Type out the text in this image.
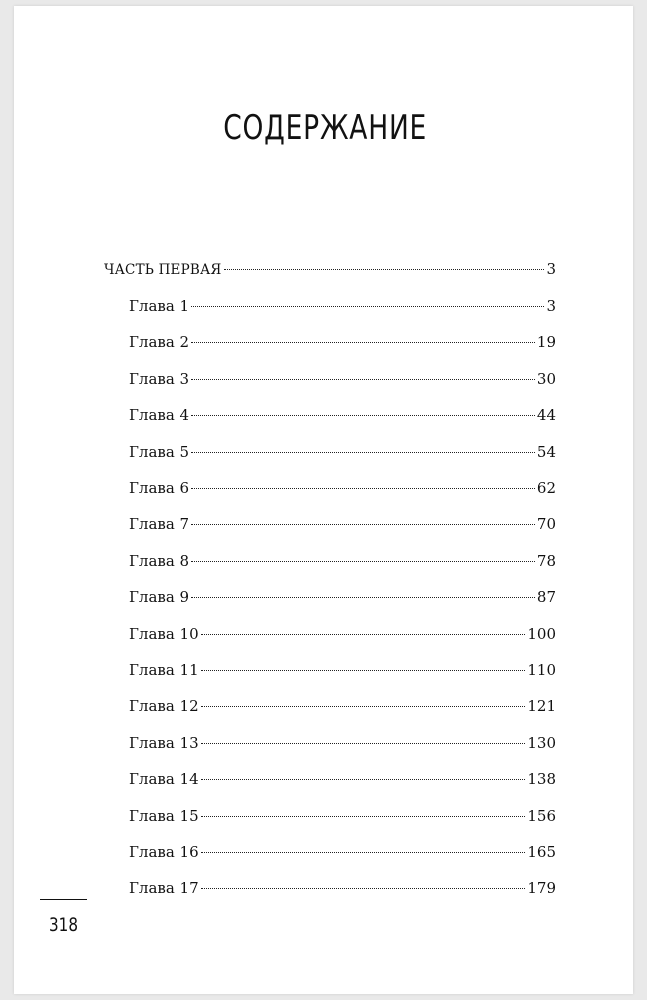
СОДЕРЖАНИЕ
ЧАСТЬ ПЕРВАЯ	3
Глава 1	3
Глава 2	19
Глава 3	30
Глава 4	44
Глава 5	54
Глава 6	62
Глава 7	70
Глава 8	78
Глава 9	87
Глава 10	100
Глава 11	110
Глава 12	121
Глава 13	130
Глава 14	138
Глава 15	156
Глава 16	165
Глава 17	179
318
